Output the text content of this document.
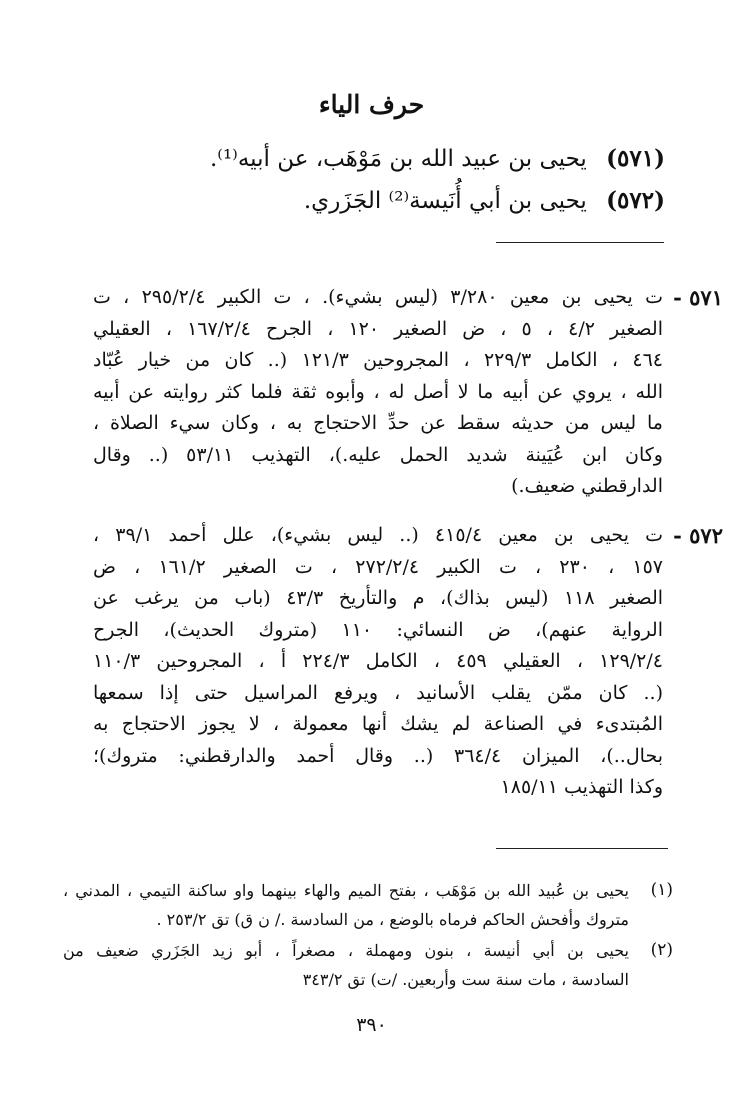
حرف الياء
(٥٧١) يحيى بن عبيد الله بن مَوْهَب، عن أبيه⁽¹⁾.
(٥٧٢) يحيى بن أبي أُنَيسة⁽²⁾ الجَزَري.
٥٧١ -
ت يحيى بن معين ٣/٢٨٠ (ليس بشيء). ، ت الكبير ٢٩٥/٢/٤ ، ت
الصغير ٤/٢ ، ٥ ، ض الصغير ١٢٠ ، الجرح ١٦٧/٢/٤ ، العقيلي
٤٦٤ ، الكامل ٢٢٩/٣ ، المجروحين ١٢١/٣ (.. كان من خيار عُبّاد
الله ، يروي عن أبيه ما لا أصل له ، وأبوه ثقة فلما كثر روايته عن أبيه
ما ليس من حديثه سقط عن حدِّ الاحتجاج به ، وكان سيء الصلاة ،
وكان ابن عُيَينة شديد الحمل عليه.)، التهذيب ٥٣/١١ (.. وقال
الدارقطني ضعيف.)
٥٧٢ -
ت يحيى بن معين ٤١٥/٤ (.. ليس بشيء)، علل أحمد ٣٩/١ ،
١٥٧ ، ٢٣٠ ، ت الكبير ٢٧٢/٢/٤ ، ت الصغير ١٦١/٢ ، ض
الصغير ١١٨ (ليس بذاك)، م والتأريخ ٤٣/٣ (باب من يرغب عن
الرواية عنهم)، ض النسائي: ١١٠ (متروك الحديث)، الجرح
١٢٩/٢/٤ ، العقيلي ٤٥٩ ، الكامل ٢٢٤/٣ أ ، المجروحين ١١٠/٣
(.. كان ممّن يقلب الأسانيد ، ويرفع المراسيل حتى إذا سمعها
المُبتدىء في الصناعة لم يشك أنها معمولة ، لا يجوز الاحتجاج به
بحال..)، الميزان ٣٦٤/٤ (.. وقال أحمد والدارقطني: متروك)؛
وكذا التهذيب ١٨٥/١١
(١)
يحيى بن عُبيد الله بن مَوْهَب ، بفتح الميم والهاء بينهما واو ساكنة التيمي ، المدني ،
متروك وأفحش الحاكم فرماه بالوضع ، من السادسة ./ ن ق) تق ٢٥٣/٢ .
(٢)
يحيى بن أبي أنيسة ، بنون ومهملة ، مصغراً ، أبو زيد الجَزَري ضعيف من
السادسة ، مات سنة ست وأربعين. /ت) تق ٣٤٣/٢
٣٩٠
